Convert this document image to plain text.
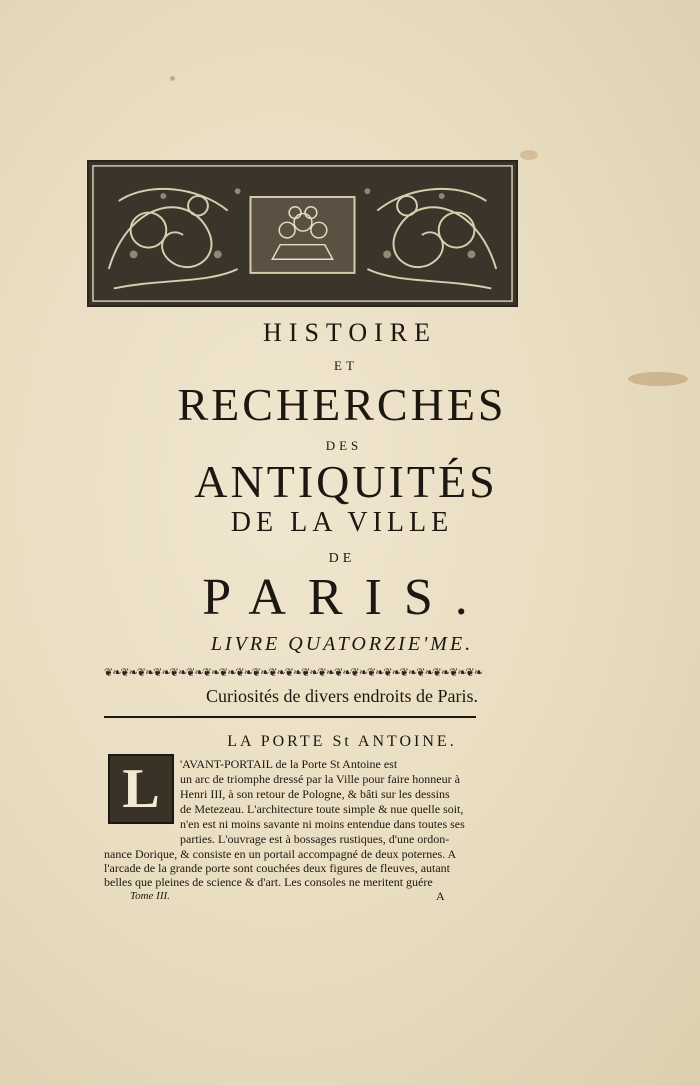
HISTOIRE
ET
RECHERCHES
DES
ANTIQUITÉS
DE LA VILLE
DE
PARIS.
LIVRE QUATORZIE'ME.
❦❧❦❧❦❧❦❧❦❧❦❧❦❧❦❧❦❧❦❧❦❧❦❧❦❧❦❧❦❧❦❧❦❧❦❧❦❧❦❧❦❧❦❧❦❧
Curiosités de divers endroits de Paris.
LA PORTE St ANTOINE.
L	'AVANT-PORTAIL de la Porte St Antoine est
un arc de triomphe dressé par la Ville pour faire honneur à
Henri III, à son retour de Pologne, & bâti sur les dessins
de Metezeau. L'architecture toute simple & nue quelle soit,
n'en est ni moins savante ni moins entendue dans toutes ses
parties. L'ouvrage est à bossages rustiques, d'une ordon-
nance Dorique, & consiste en un portail accompagné de deux poternes. A
l'arcade de la grande porte sont couchées deux figures de fleuves, autant
belles que pleines de science & d'art. Les consoles ne meritent guére
Tome III.	A
